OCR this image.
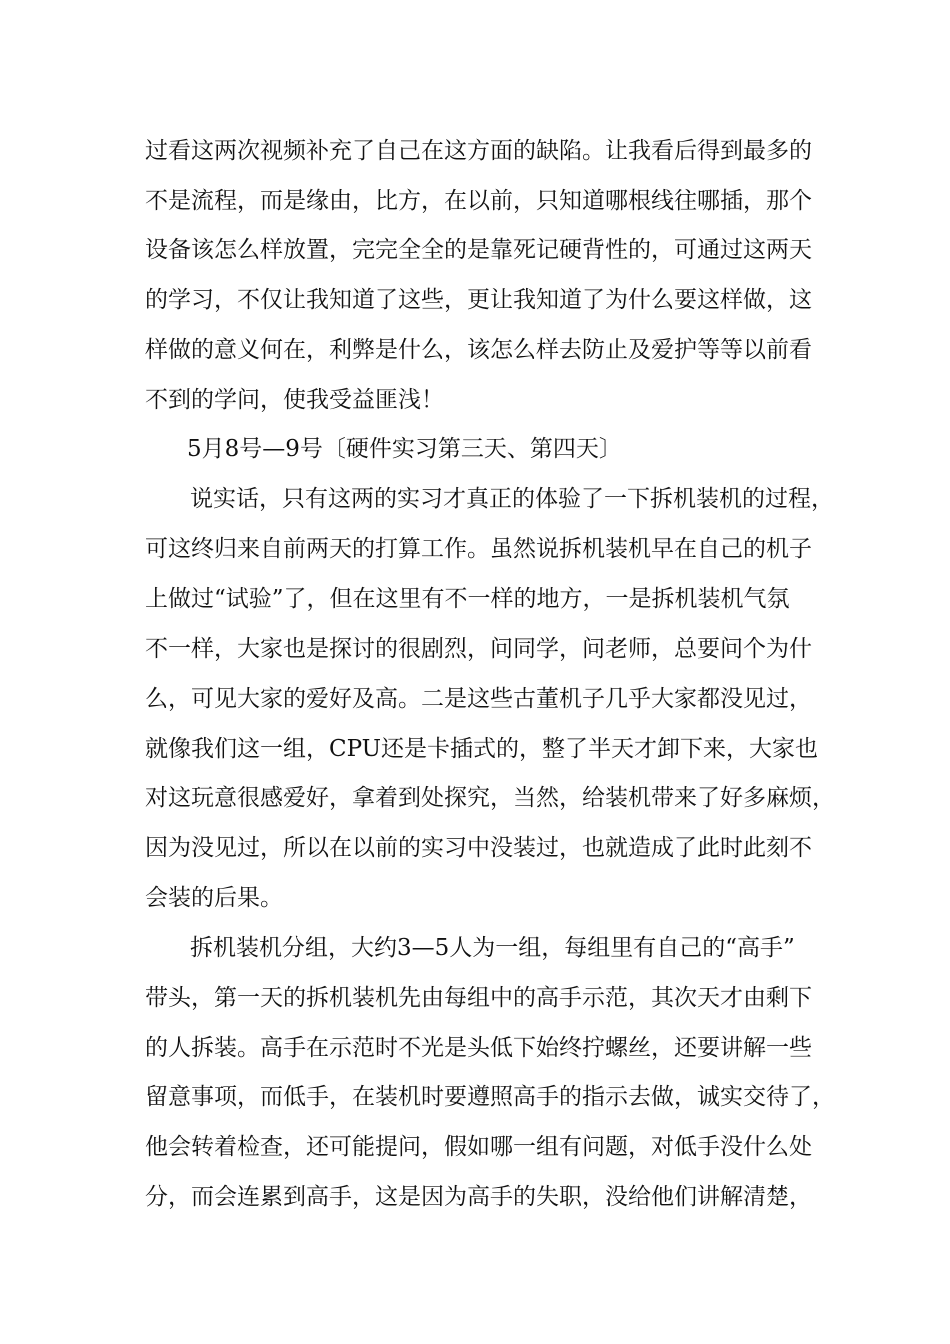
过看这两次视频补充了自己在这方面的缺陷。让我看后得到最多的
不是流程，而是缘由，比方，在以前，只知道哪根线往哪插，那个
设备该怎么样放置，完完全全的是靠死记硬背性的，可通过这两天
的学习，不仅让我知道了这些，更让我知道了为什么要这样做，这
样做的意义何在，利弊是什么，该怎么样去防止及爱护等等以前看
不到的学问，使我受益匪浅！
5月8号—9号〔硬件实习第三天、第四天〕
说实话，只有这两的实习才真正的体验了一下拆机装机的过程，
可这终归来自前两天的打算工作。虽然说拆机装机早在自己的机子
上做过“试验”了，但在这里有不一样的地方，一是拆机装机气氛
不一样，大家也是探讨的很剧烈，问同学，问老师，总要问个为什
么，可见大家的爱好及高。二是这些古董机子几乎大家都没见过，
就像我们这一组，CPU还是卡插式的，整了半天才卸下来，大家也
对这玩意很感爱好，拿着到处探究，当然，给装机带来了好多麻烦，
因为没见过，所以在以前的实习中没装过，也就造成了此时此刻不
会装的后果。
拆机装机分组，大约3—5人为一组，每组里有自己的“高手”
带头，第一天的拆机装机先由每组中的高手示范，其次天才由剩下
的人拆装。高手在示范时不光是头低下始终拧螺丝，还要讲解一些
留意事项，而低手，在装机时要遵照高手的指示去做，诚实交待了，
他会转着检查，还可能提问，假如哪一组有问题，对低手没什么处
分，而会连累到高手，这是因为高手的失职，没给他们讲解清楚，
